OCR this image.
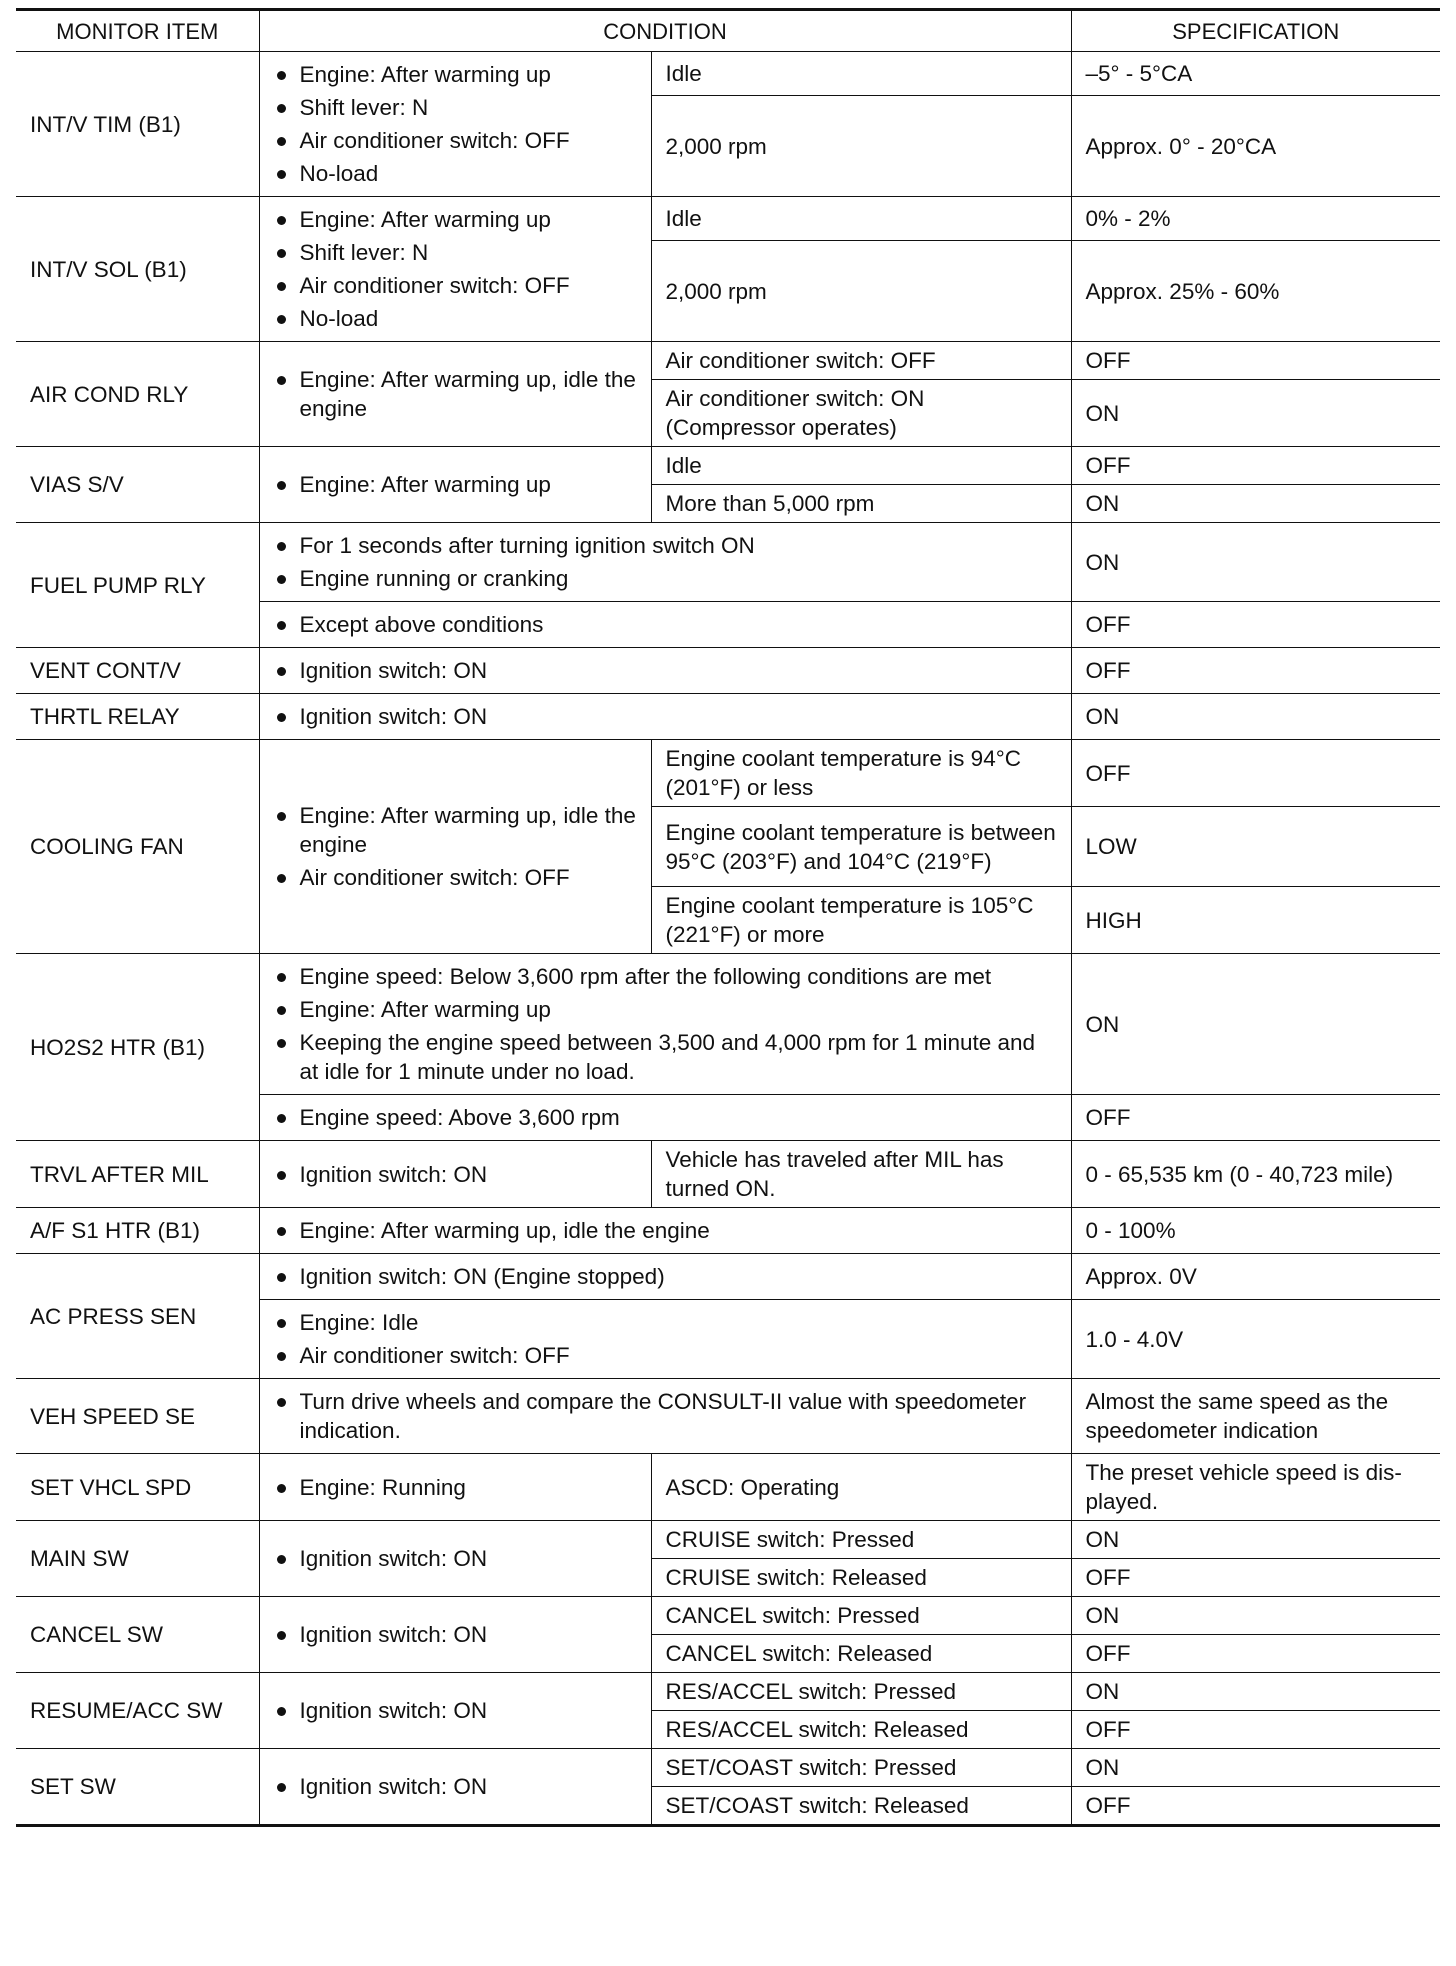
MONITOR ITEM	CONDITION		SPECIFICATION
INT/V TIM (B1)	Engine: After warming up
Shift lever: N
Air conditioner switch: OFF
No-load	Idle	–5° - 5°CA
		2,000 rpm	Approx. 0° - 20°CA
INT/V SOL (B1)	Engine: After warming up
Shift lever: N
Air conditioner switch: OFF
No-load	Idle	0% - 2%
		2,000 rpm	Approx. 25% - 60%
AIR COND RLY	Engine: After warming up, idle the engine	Air conditioner switch: OFF	OFF
		Air conditioner switch: ON (Compressor operates)	ON
VIAS S/V	Engine: After warming up	Idle	OFF
		More than 5,000 rpm	ON
FUEL PUMP RLY	For 1 seconds after turning ignition switch ON
Engine running or cranking		ON

	Except above conditions		OFF
VENT CONT/V	Ignition switch: ON		OFF
THRTL RELAY	Ignition switch: ON		ON
COOLING FAN	Engine: After warming up, idle the engine
Air conditioner switch: OFF	Engine coolant temperature is 94°C (201°F) or less	OFF
		Engine coolant temperature is between 95°C (203°F) and 104°C (219°F)	LOW
		Engine coolant temperature is 105°C (221°F) or more	HIGH
HO2S2 HTR (B1)	Engine speed: Below 3,600 rpm after the following conditions are met
Engine: After warming up
Keeping the engine speed between 3,500 and 4,000 rpm for 1 minute and at idle for 1 minute under no load.		ON

	Engine speed: Above 3,600 rpm		OFF
TRVL AFTER MIL	Ignition switch: ON	Vehicle has traveled after MIL has turned ON.	0 - 65,535 km (0 - 40,723 mile)
A/F S1 HTR (B1)	Engine: After warming up, idle the engine		0 - 100%
AC PRESS SEN	Ignition switch: ON (Engine stopped)		Approx. 0V

	Engine: Idle
Air conditioner switch: OFF		1.0 - 4.0V
VEH SPEED SE	Turn drive wheels and compare the CONSULT-II value with speedometer indication.		Almost the same speed as the speedometer indication
SET VHCL SPD	Engine: Running	ASCD: Operating	The preset vehicle speed is dis-played.
MAIN SW	Ignition switch: ON	CRUISE switch: Pressed	ON
		CRUISE switch: Released	OFF
CANCEL SW	Ignition switch: ON	CANCEL switch: Pressed	ON
		CANCEL switch: Released	OFF
RESUME/ACC SW	Ignition switch: ON	RES/ACCEL switch: Pressed	ON
		RES/ACCEL switch: Released	OFF
SET SW	Ignition switch: ON	SET/COAST switch: Pressed	ON
		SET/COAST switch: Released	OFF
